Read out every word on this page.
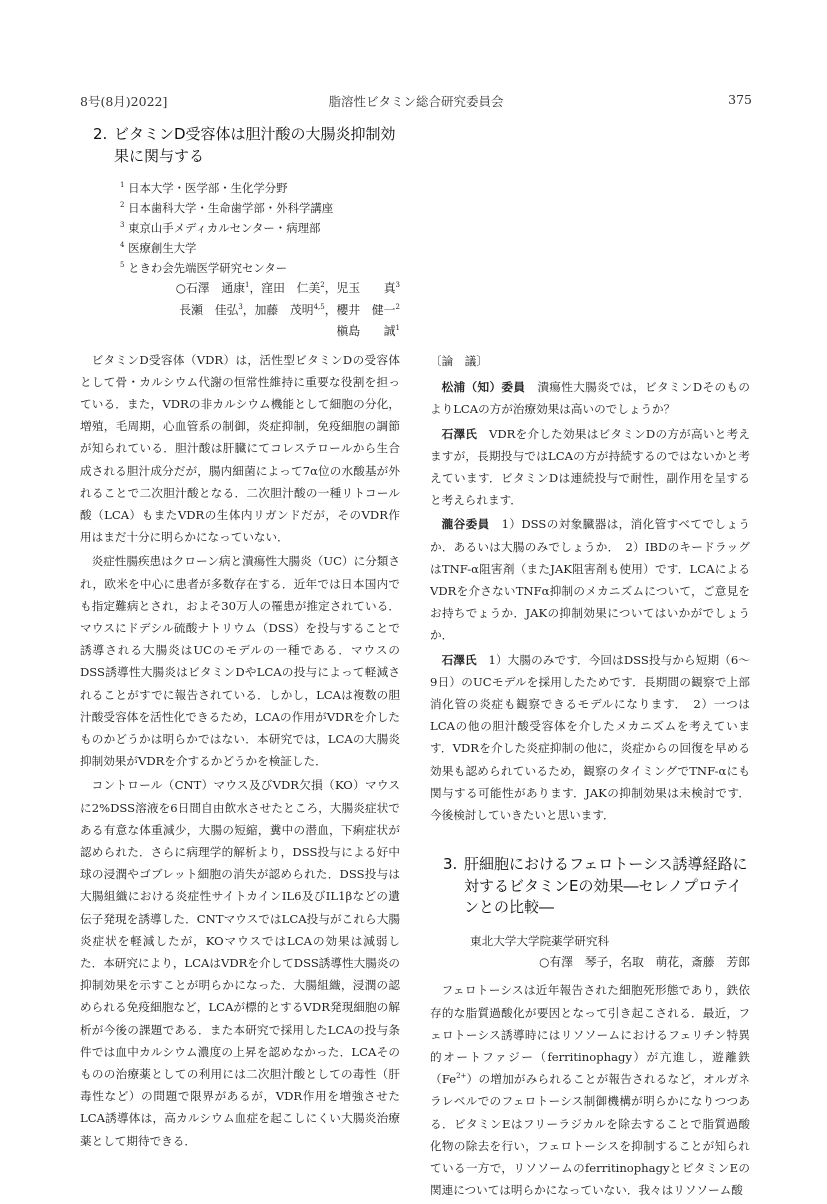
8号(8月)2022]	脂溶性ビタミン総合研究委員会	375
2. ビタミンD受容体は胆汁酸の大腸炎抑制効果に関与する
$^1$ 日本大学・医学部・生化学分野
$^2$ 日本歯科大学・生命歯学部・外科学講座
$^3$ 東京山手メディカルセンター・病理部
$^4$ 医療創生大学
$^5$ ときわ会先端医学研究センター
○石澤　通康$^1$，窪田　仁美$^2$，児玉　　真$^3$
長瀬　佳弘$^3$，加藤　茂明$^{4,5}$，櫻井　健一$^2$
槇島　　誠$^1$

ビタミンD受容体（VDR）は，活性型ビタミンDの受容体として骨・カルシウム代謝の恒常性維持に重要な役割を担っている．また，VDRの非カルシウム機能として細胞の分化，増殖，毛周期，心血管系の制御，炎症抑制，免疫細胞の調節が知られている．胆汁酸は肝臓にてコレステロールから生合成される胆汁成分だが，腸内細菌によって7α位の水酸基が外れることで二次胆汁酸となる．二次胆汁酸の一種リトコール酸（LCA）もまたVDRの生体内リガンドだが，そのVDR作用はまだ十分に明らかになっていない．

炎症性腸疾患はクローン病と潰瘍性大腸炎（UC）に分類され，欧米を中心に患者が多数存在する．近年では日本国内でも指定難病とされ，およそ30万人の罹患が推定されている．マウスにドデシル硫酸ナトリウム（DSS）を投与することで誘導される大腸炎はUCのモデルの一種である．マウスのDSS誘導性大腸炎はビタミンDやLCAの投与によって軽減されることがすでに報告されている．しかし，LCAは複数の胆汁酸受容体を活性化できるため，LCAの作用がVDRを介したものかどうかは明らかではない．本研究では，LCAの大腸炎抑制効果がVDRを介するかどうかを検証した．

コントロール（CNT）マウス及びVDR欠損（KO）マウスに2%DSS溶液を6日間自由飲水させたところ，大腸炎症状である有意な体重減少，大腸の短縮，糞中の潜血，下痢症状が認められた．さらに病理学的解析より，DSS投与による好中球の浸潤やゴブレット細胞の消失が認められた．DSS投与は大腸組織における炎症性サイトカインIL6及びIL1βなどの遺伝子発現を誘導した．CNTマウスではLCA投与がこれら大腸炎症状を軽減したが，KOマウスではLCAの効果は減弱した．本研究により，LCAはVDRを介してDSS誘導性大腸炎の抑制効果を示すことが明らかになった．大腸組織，浸潤の認められる免疫細胞など，LCAが標的とするVDR発現細胞の解析が今後の課題である．また本研究で採用したLCAの投与条件では血中カルシウム濃度の上昇を認めなかった．LCAそのものの治療薬としての利用には二次胆汁酸としての毒性（肝毒性など）の問題で限界があるが，VDR作用を増強させたLCA誘導体は，高カルシウム血症を起こしにくい大腸炎治療薬として期待できる．

〔論　議〕

松浦（知）委員　 潰瘍性大腸炎では，ビタミンDそのものよりLCAの方が治療効果は高いのでしょうか？

石澤氏　 VDRを介した効果はビタミンDの方が高いと考えますが，長期投与ではLCAの方が持続するのではないかと考えています．ビタミンDは連続投与で耐性，副作用を呈すると考えられます．

瀧谷委員　 1）DSSの対象臓器は，消化管すべてでしょうか．あるいは大腸のみでしょうか．　2）IBDのキードラッグはTNF-α阻害剤（またJAK阻害剤も使用）です．LCAによるVDRを介さないTNFα抑制のメカニズムについて，ご意見をお持ちでょうか．JAKの抑制効果についてはいかがでしょうか．

石澤氏　 1）大腸のみです．今回はDSS投与から短期（6～9日）のUCモデルを採用したためです．長期間の観察で上部消化管の炎症も観察できるモデルになります．　2）一つはLCAの他の胆汁酸受容体を介したメカニズムを考えています．VDRを介した炎症抑制の他に，炎症からの回復を早める効果も認められているため，観察のタイミングでTNF-αにも関与する可能性があります．JAKの抑制効果は未検討です．今後検討していきたいと思います．

3. 肝細胞におけるフェロトーシス誘導経路に対するビタミンEの効果―セレノプロテインとの比較―
東北大学大学院薬学研究科
○有澤　琴子，名取　萌花，斎藤　芳郎

フェロトーシスは近年報告された細胞死形態であり，鉄依存的な脂質過酸化が要因となって引き起こされる．最近，フェロトーシス誘導時にはリソソームにおけるフェリチン特異的オートファジー（ferritinophagy）が亢進し，遊離鉄$(Fe^{2+})$の増加がみられることが報告されるなど，オルガネラレベルでのフェロトーシス制御機構が明らかになりつつある．ビタミンEはフリーラジカルを除去することで脂質過酸化物の除去を行い，フェロトーシスを抑制することが知られている一方で，リソソームのferritinophagyとビタミンEの関連については明らかになっていない．我々はリソソーム酸
